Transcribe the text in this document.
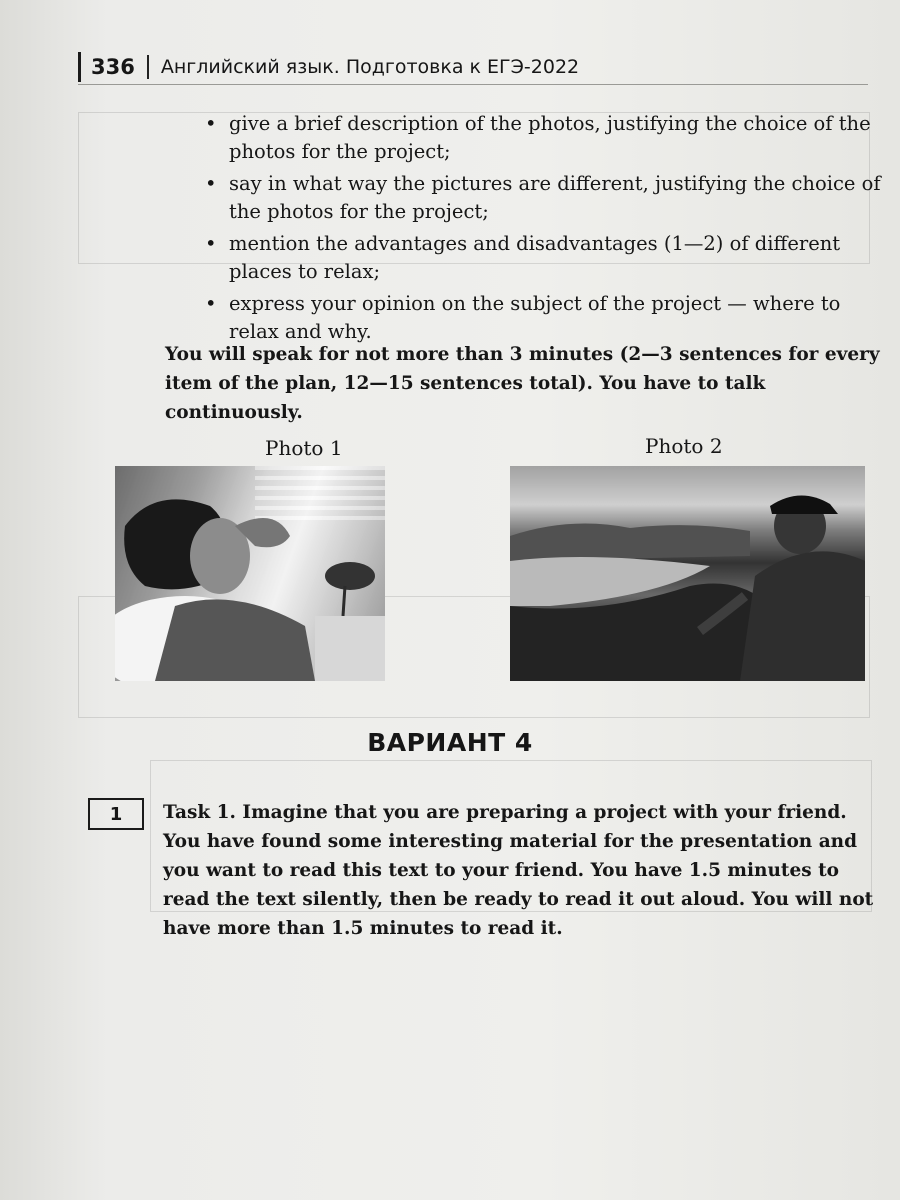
336 Английский язык. Подготовка к ЕГЭ-2022
• give a brief description of the photos, justifying the choice of the photos for the project;
• say in what way the pictures are different, justifying the choice of the photos for the project;
• mention the advantages and disadvantages (1—2) of different places to relax;
• express your opinion on the subject of the project — where to relax and why.

You will speak for not more than 3 minutes (2—3 sentences for every item of the plan, 12—15 sentences total). You have to talk continuously.

Photo 1	Photo 2
ВАРИАНТ 4
1 Task 1. Imagine that you are preparing a project with your friend. You have found some interesting material for the presentation and you want to read this text to your friend. You have 1.5 minutes to read the text silently, then be ready to read it out aloud. You will not have more than 1.5 minutes to read it.
